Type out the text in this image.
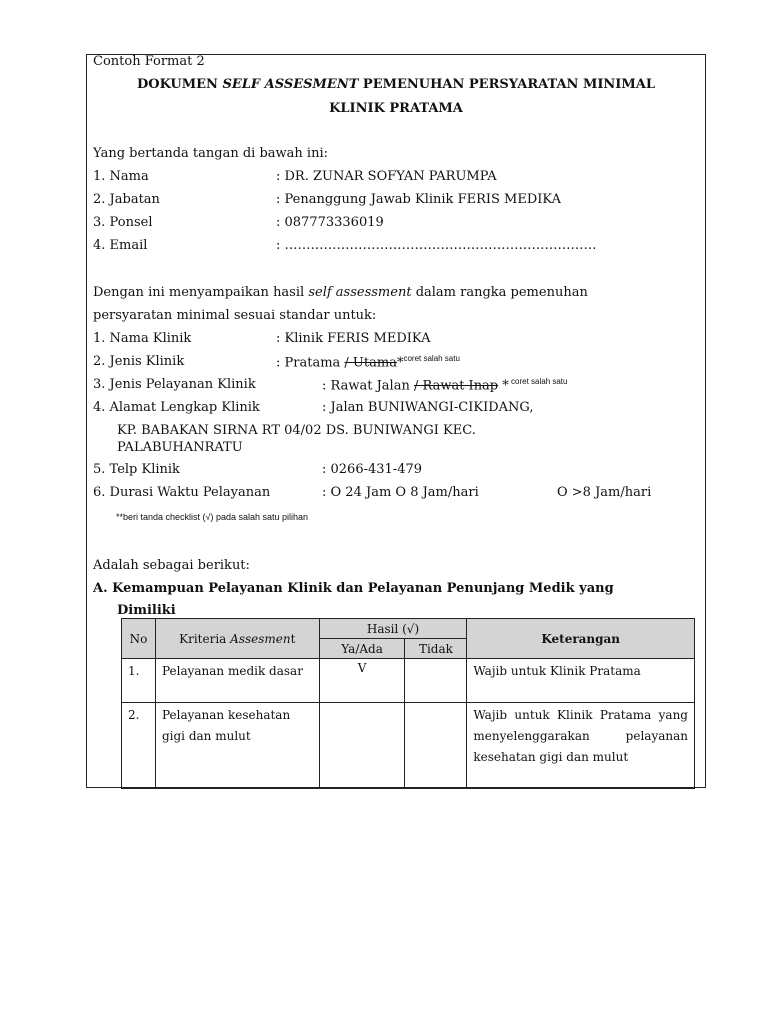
Contoh Format 2
DOKUMEN SELF ASSESMENT PEMENUHAN PERSYARATAN MINIMAL
KLINIK PRATAMA
Yang bertanda tangan di bawah ini:
1. Nama	: DR. ZUNAR SOFYAN PARUMPA
2. Jabatan	: Penanggung Jawab Klinik FERIS MEDIKA
3. Ponsel	: 087773336019
4. Email	: ………………………………………………………………
Dengan ini menyampaikan hasil self assessment dalam rangka pemenuhan
persyaratan minimal sesuai standar untuk:
1. Nama Klinik	: Klinik FERIS MEDIKA
2. Jenis Klinik	: Pratama / Utama*$^{coret salah satu}$
3. Jenis Pelayanan Klinik	: Rawat Jalan / Rawat Inap * $^{coret salah satu}$
4. Alamat Lengkap Klinik	: Jalan BUNIWANGI-CIKIDANG,
KP. BABAKAN SIRNA RT 04/02 DS. BUNIWANGI KEC.
PALABUHANRATU
5. Telp Klinik	: 0266-431-479
6. Durasi Waktu Pelayanan	: O 24 Jam O 8 Jam/hari	O >8 Jam/hari
**beri tanda checklist (√) pada salah satu pilihan
Adalah sebagai berikut:
A. Kemampuan Pelayanan Klinik dan Pelayanan Penunjang Medik yang
Dimiliki
No	Kriteria Assesment	Hasil (√)		Keterangan
		Ya/Ada	Tidak	
1.	Pelayanan medik dasar	V		Wajib untuk Klinik Pratama
2.	Pelayanan kesehatan gigi dan mulut			Wajib untuk Klinik Pratama yang menyelenggarakan pelayanan kesehatan gigi dan mulut
